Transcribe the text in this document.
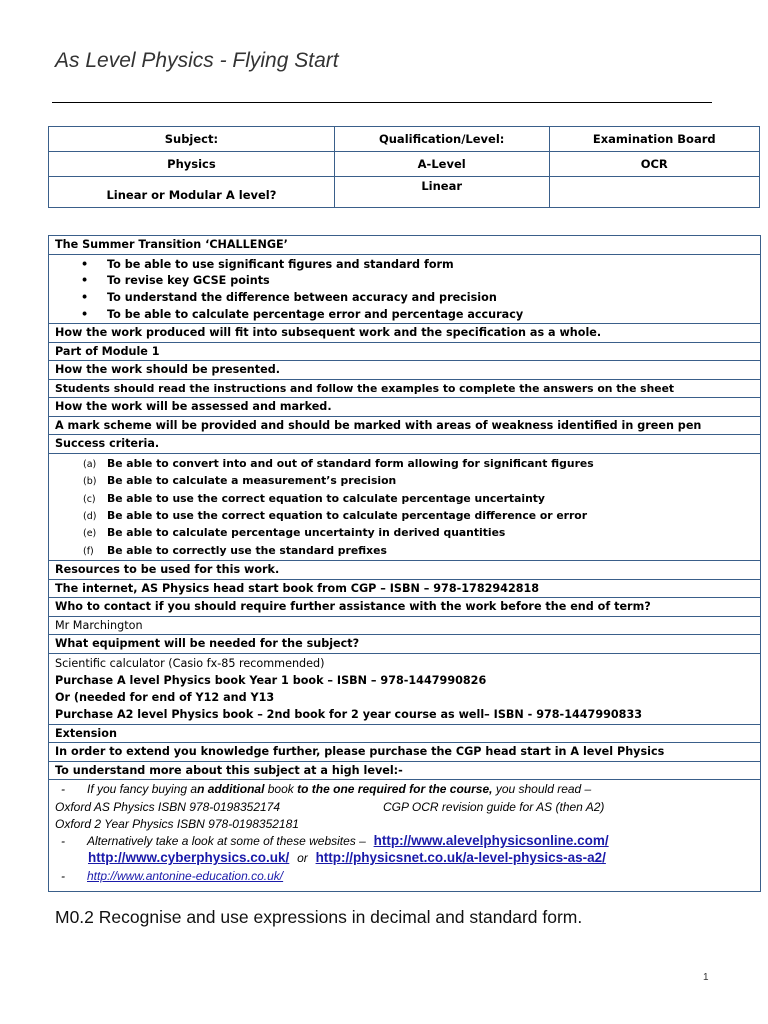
As Level Physics - Flying Start
Subject:	Qualification/Level:	Examination Board
Physics	A-Level	OCR
Linear or Modular A level?	Linear	
The Summer Transition ‘CHALLENGE’

• To be able to use significant figures and standard form
• To revise key GCSE points
• To understand the difference between accuracy and precision
• To be able to calculate percentage error and percentage accuracy

How the work produced will fit into subsequent work and the specification as a whole.
Part of Module 1
How the work should be presented.
Students should read the instructions and follow the examples to complete the answers on the sheet
How the work will be assessed and marked.
A mark scheme will be provided and should be marked with areas of weakness identified in green pen
Success criteria.

(a) Be able to convert into and out of standard form allowing for significant figures
(b) Be able to calculate a measurement’s precision
(c) Be able to use the correct equation to calculate percentage uncertainty
(d) Be able to use the correct equation to calculate percentage difference or error
(e) Be able to calculate percentage uncertainty in derived quantities
(f) Be able to correctly use the standard prefixes

Resources to be used for this work.
The internet, AS Physics head start book from CGP – ISBN – 978-1782942818
Who to contact if you should require further assistance with the work before the end of term?
Mr Marchington
What equipment will be needed for the subject?

Scientific calculator (Casio fx-85 recommended)
Purchase A level Physics book Year 1 book – ISBN – 978-1447990826
Or (needed for end of Y12 and Y13
Purchase A2 level Physics book – 2nd book for 2 year course as well– ISBN - 978-1447990833

Extension
In order to extend you knowledge further, please purchase the CGP head start in A level Physics
To understand more about this subject at a high level:-

- If you fancy buying an additional book to the one required for the course, you should read –
Oxford AS Physics ISBN 978-0198352174	CGP OCR revision guide for AS (then A2)
Oxford 2 Year Physics ISBN 978-0198352181
- Alternatively take a look at some of these websites – http://www.alevelphysicsonline.com/
http://www.cyberphysics.co.uk/ or http://physicsnet.co.uk/a-level-physics-as-a2/
- http://www.antonine-education.co.uk/
M0.2 Recognise and use expressions in decimal and standard form.
1
